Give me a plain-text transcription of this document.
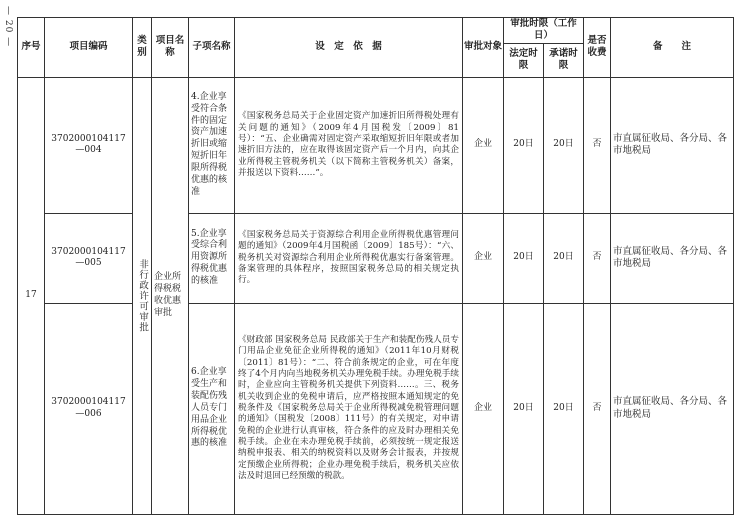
— 20 — 序号	项目编码	类别	项目名称	子项名称	设　定　依　据	审批对象	审批时限（工作日）		是否收费	备　　注
							法定时限	承诺时限		
17	3702000104117—004	非行政许可审批	企业所得税税收优惠审批	4.企业享受符合条件的固定资产加速折旧或缩短折旧年限所得税优惠的核准	《国家税务总局关于企业固定资产加速折旧所得税处理有关问题的通知》（2009年4月国税发〔2009〕81号）：“五、企业确需对固定资产采取缩短折旧年限或者加速折旧方法的，应在取得该固定资产后一个月内，向其企业所得税主管税务机关（以下简称主管税务机关）备案，并报送以下资料……”。	企业	20日	20日	否	市直属征收局、各分局、各市地税局
	3702000104117—005			5.企业享受综合利用资源所得税优惠的核准	《国家税务总局关于资源综合利用企业所得税优惠管理问题的通知》（2009年4月国税函〔2009〕185号）：“六、税务机关对资源综合利用企业所得税优惠实行备案管理。备案管理的具体程序，按照国家税务总局的相关规定执行。	企业	20日	20日	否	市直属征收局、各分局、各市地税局
	3702000104117—006			6.企业享受生产和装配伤残人员专门用品企业所得税优惠的核准	《财政部 国家税务总局 民政部关于生产和装配伤残人员专门用品企业免征企业所得税的通知》（2011年10月财税〔2011〕81号）：“二、符合前条规定的企业，可在年度终了4个月内向当地税务机关办理免税手续。办理免税手续时，企业应向主管税务机关提供下列资料……。三、税务机关收到企业的免税申请后，应严格按照本通知规定的免税条件及《国家税务总局关于企业所得税减免税管理问题的通知》（国税发〔2008〕111号）的有关规定，对申请免税的企业进行认真审核，符合条件的应及时办理相关免税手续。企业在未办理免税手续前，必须按统一规定报送纳税申报表、相关的纳税资料以及财务会计报表，并按规定预缴企业所得税；企业办理免税手续后，税务机关应依法及时退回已经预缴的税款。	企业	20日	20日	否	市直属征收局、各分局、各市地税局
